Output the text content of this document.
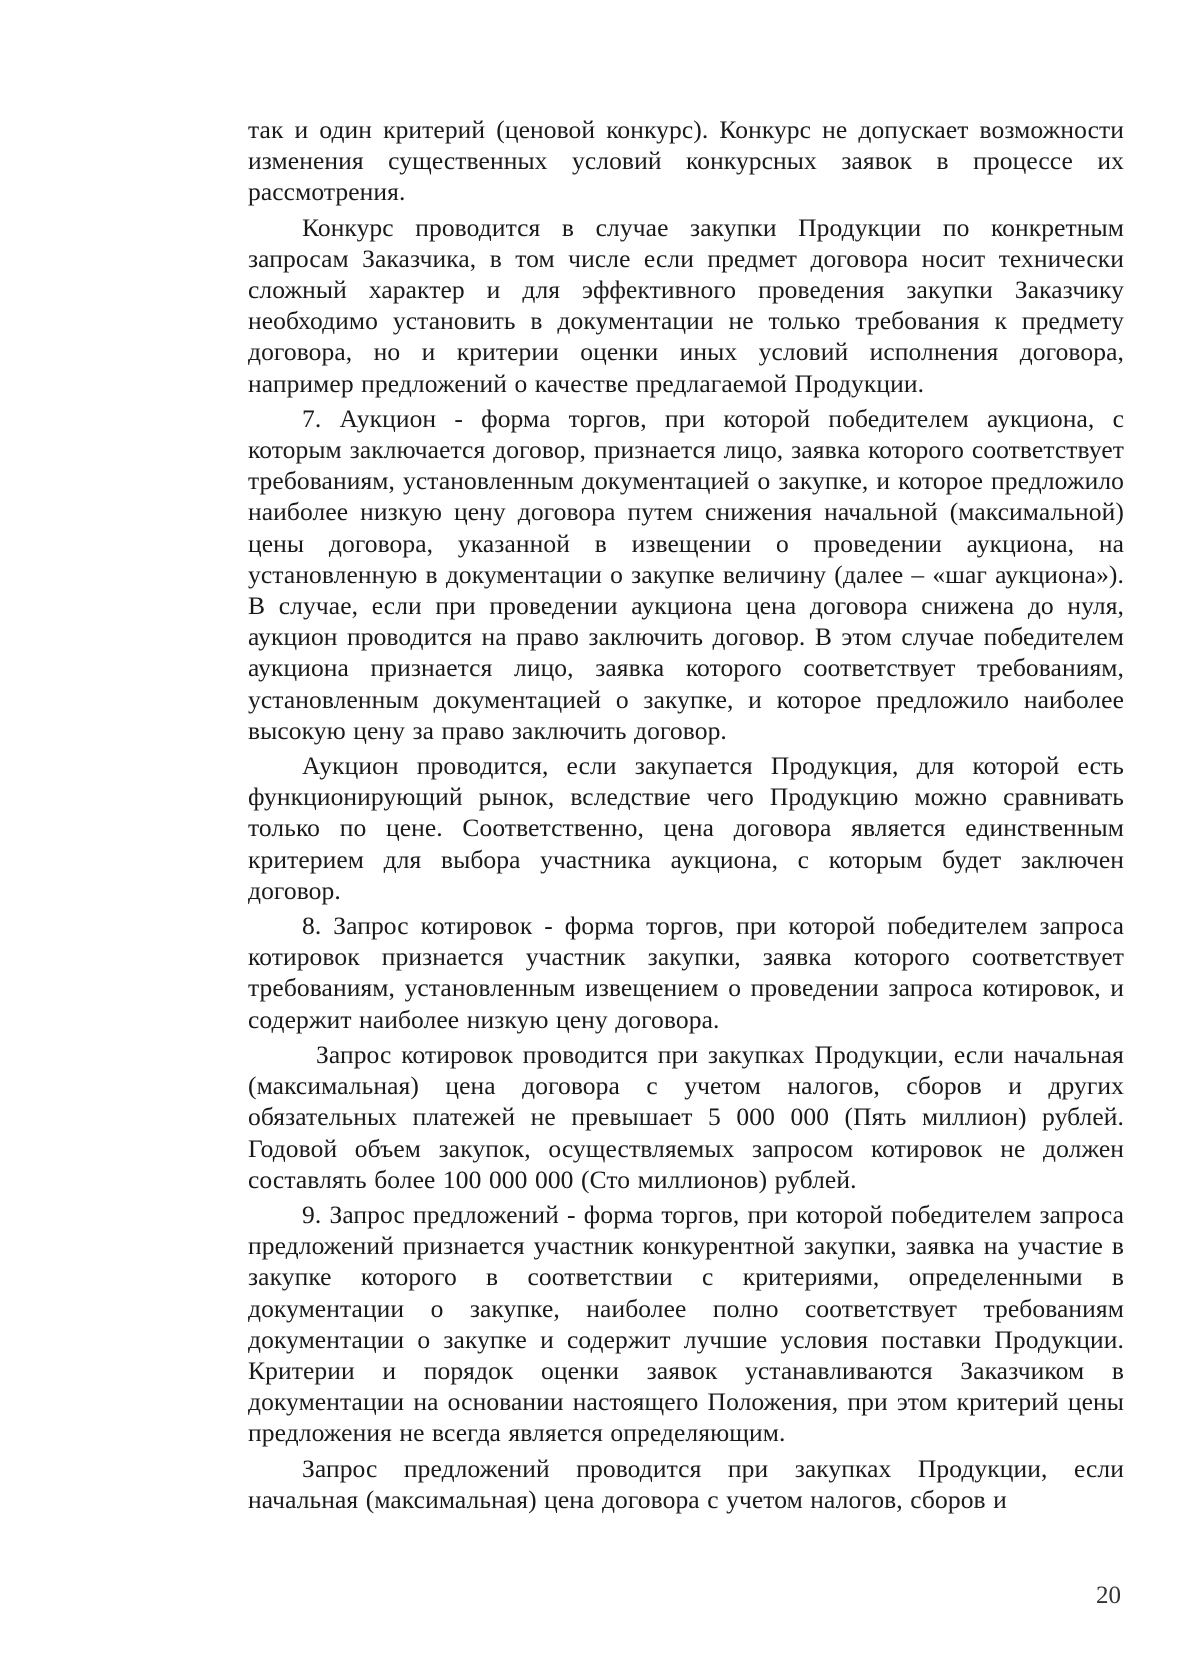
так и один критерий (ценовой конкурс). Конкурс не допускает возможности изменения существенных условий конкурсных заявок в процессе их рассмотрения.

Конкурс проводится в случае закупки Продукции по конкретным запросам Заказчика, в том числе если предмет договора носит технически сложный характер и для эффективного проведения закупки Заказчику необходимо установить в документации не только требования к предмету договора, но и критерии оценки иных условий исполнения договора, например предложений о качестве предлагаемой Продукции.

7. Аукцион - форма торгов, при которой победителем аукциона, с которым заключается договор, признается лицо, заявка которого соответствует требованиям, установленным документацией о закупке, и которое предложило наиболее низкую цену договора путем снижения начальной (максимальной) цены договора, указанной в извещении о проведении аукциона, на установленную в документации о закупке величину (далее – «шаг аукциона»). В случае, если при проведении аукциона цена договора снижена до нуля, аукцион проводится на право заключить договор. В этом случае победителем аукциона признается лицо, заявка которого соответствует требованиям, установленным документацией о закупке, и которое предложило наиболее высокую цену за право заключить договор.

Аукцион проводится, если закупается Продукция, для которой есть функционирующий рынок, вследствие чего Продукцию можно сравнивать только по цене. Соответственно, цена договора является единственным критерием для выбора участника аукциона, с которым будет заключен договор.

8. Запрос котировок - форма торгов, при которой победителем запроса котировок признается участник закупки, заявка которого соответствует требованиям, установленным извещением о проведении запроса котировок, и содержит наиболее низкую цену договора.

Запрос котировок проводится при закупках Продукции, если начальная (максимальная) цена договора с учетом налогов, сборов и других обязательных платежей не превышает 5 000 000 (Пять миллион) рублей. Годовой объем закупок, осуществляемых запросом котировок не должен составлять более 100 000 000 (Сто миллионов) рублей.

9. Запрос предложений - форма торгов, при которой победителем запроса предложений признается участник конкурентной закупки, заявка на участие в закупке которого в соответствии с критериями, определенными в документации о закупке, наиболее полно соответствует требованиям документации о закупке и содержит лучшие условия поставки Продукции. Критерии и порядок оценки заявок устанавливаются Заказчиком в документации на основании настоящего Положения, при этом критерий цены предложения не всегда является определяющим.

Запрос предложений проводится при закупках Продукции, если начальная (максимальная) цена договора с учетом налогов, сборов и

20
